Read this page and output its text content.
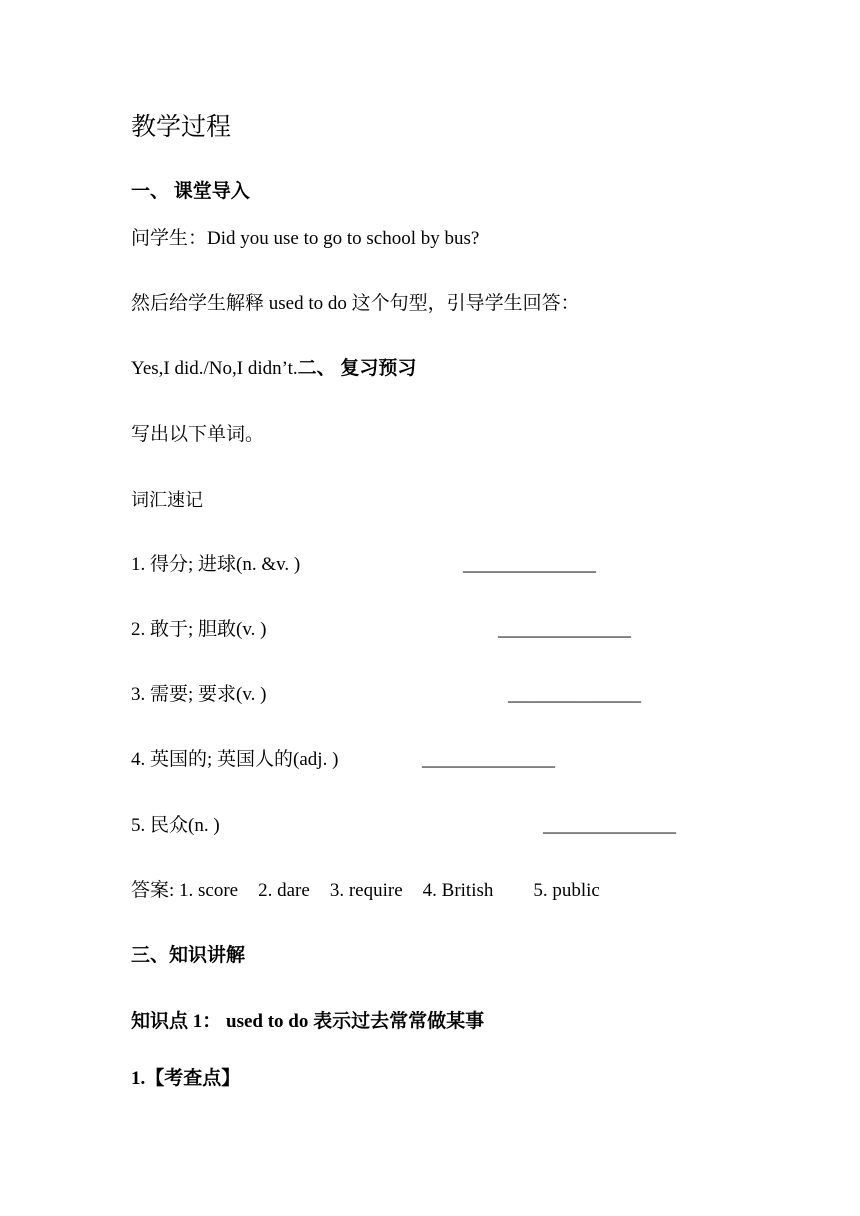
教学过程
一、 课堂导入
问学生：Did you use to go to school by bus?
然后给学生解释 used to do 这个句型，引导学生回答：
Yes,I did./No,I didn’t.二、 复习预习
写出以下单词。
词汇速记
1. 得分; 进球(n. &v. )	______________
2. 敢于; 胆敢(v. )	______________
3. 需要; 要求(v. )	______________
4. 英国的; 英国人的(adj. )	______________
5. 民众(n. )	______________
答案: 1. score 2. dare 3. require 4. British 5. public
三、知识讲解
知识点 1： used to do 表示过去常常做某事
1.【考查点】
